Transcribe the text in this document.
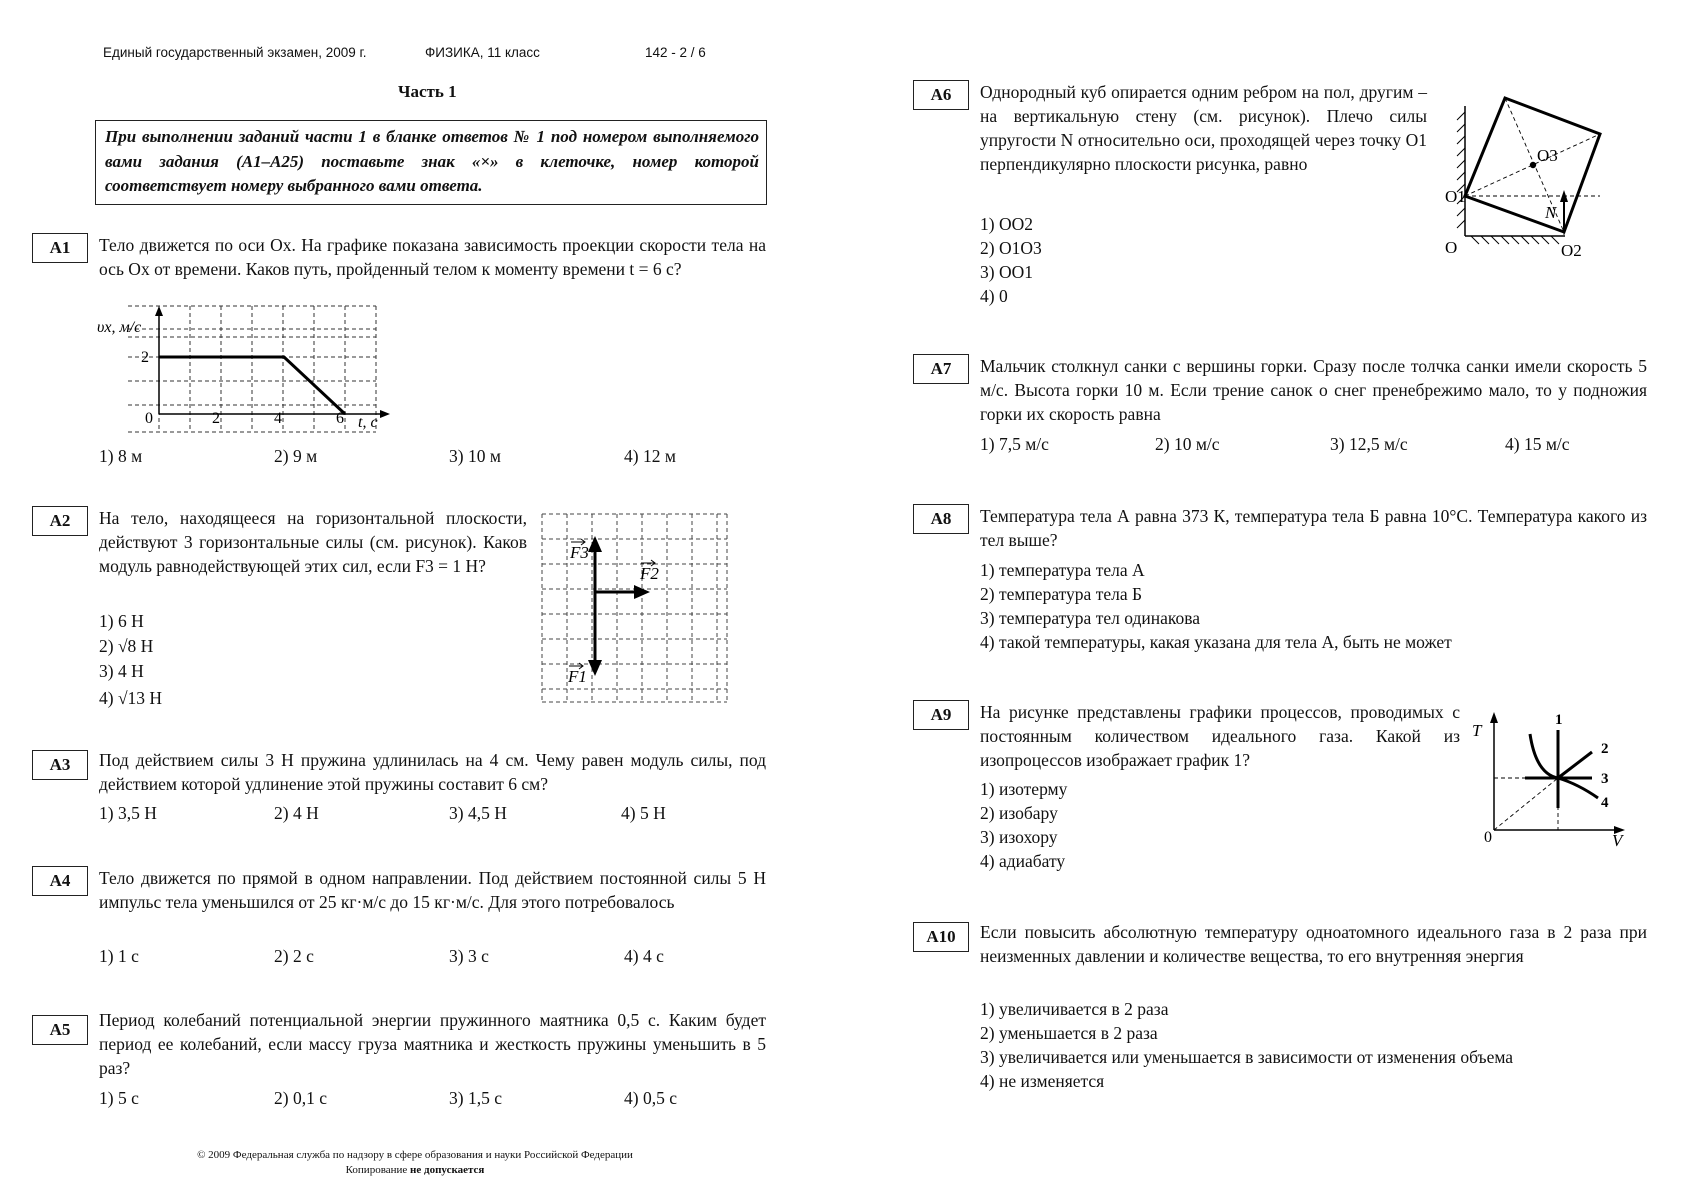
Единый государственный экзамен, 2009 г.	ФИЗИКА, 11 класс	142 - 2 / 6
Часть 1
При выполнении заданий части 1 в бланке ответов № 1 под номером выполняемого вами задания (А1–А25) поставьте знак «×» в клеточке, номер которой соответствует номеру выбранного вами ответа.
А1	Тело движется по оси Ox. На графике показана зависимость проекции скорости тела на ось Ox от времени. Каков путь, пройденный телом к моменту времени t = 6 с?
υx, м/с
2
0	2	4	6 t, с
1) 8 м	2) 9 м	3) 10 м	4) 12 м
А2	На тело, находящееся на горизонтальной плоскости, действуют 3 горизонтальные силы (см. рисунок). Каков модуль равнодействующей этих сил, если F3 = 1 Н?
1) 6 Н
2) √8 Н
3) 4 Н
4) √13 Н
F3
F2
F1
А3	Под действием силы 3 Н пружина удлинилась на 4 см. Чему равен модуль силы, под действием которой удлинение этой пружины составит 6 см?
1) 3,5 Н	2) 4 Н	3) 4,5 Н	4) 5 Н
А4	Тело движется по прямой в одном направлении. Под действием постоянной силы 5 Н импульс тела уменьшился от 25 кг·м/с до 15 кг·м/с. Для этого потребовалось
1) 1 с	2) 2 с	3) 3 с	4) 4 с
А5	Период колебаний потенциальной энергии пружинного маятника 0,5 с. Каким будет период ее колебаний, если массу груза маятника и жесткость пружины уменьшить в 5 раз?
1) 5 с	2) 0,1 с	3) 1,5 с	4) 0,5 с
© 2009 Федеральная служба по надзору в сфере образования и науки Российской Федерации
Копирование не допускается
А6	Однородный куб опирается одним ребром на пол, другим – на вертикальную стену (см. рисунок). Плечо силы упругости N относительно оси, проходящей через точку O1 перпендикулярно плоскости рисунка, равно
1) OO2
2) O1O3
3) OO1
4) 0
O1
O	O2
O3
N
А7	Мальчик столкнул санки с вершины горки. Сразу после толчка санки имели скорость 5 м/с. Высота горки 10 м. Если трение санок о снег пренебрежимо мало, то у подножия горки их скорость равна
1) 7,5 м/с	2) 10 м/с	3) 12,5 м/с	4) 15 м/с
А8	Температура тела А равна 373 К, температура тела Б равна 10°С. Температура какого из тел выше?
1) температура тела А
2) температура тела Б
3) температура тел одинакова
4) такой температуры, какая указана для тела А, быть не может
А9	На рисунке представлены графики процессов, проводимых с постоянным количеством идеального газа. Какой из изопроцессов изображает график 1?
1) изотерму
2) изобару
3) изохору
4) адиабату
1
2
3
4
T
0	V
А10	Если повысить абсолютную температуру одноатомного идеального газа в 2 раза при неизменных давлении и количестве вещества, то его внутренняя энергия
1) увеличивается в 2 раза
2) уменьшается в 2 раза
3) увеличивается или уменьшается в зависимости от изменения объема
4) не изменяется
